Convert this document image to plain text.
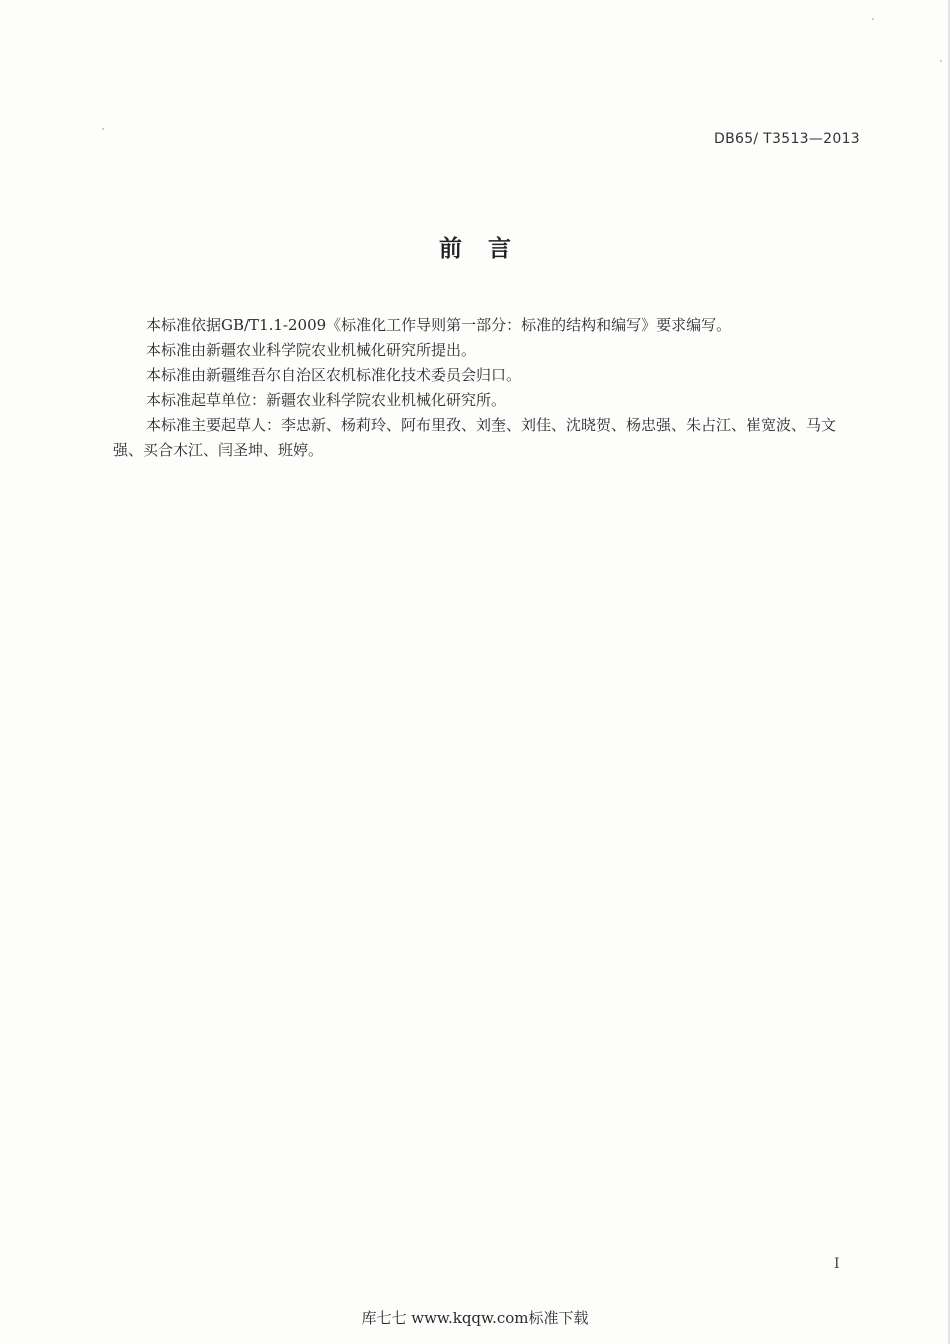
DB65/ T3513—2013
前言

本标准依据GB/T1.1-2009《标准化工作导则第一部分：标准的结构和编写》要求编写。

本标准由新疆农业科学院农业机械化研究所提出。

本标准由新疆维吾尔自治区农机标准化技术委员会归口。

本标准起草单位：新疆农业科学院农业机械化研究所。

本标准主要起草人：李忠新、杨莉玲、阿布里孜、刘奎、刘佳、沈晓贺、杨忠强、朱占江、崔宽波、马文强、买合木江、闫圣坤、班婷。

I
库七七 www.kqqw.com标准下载
